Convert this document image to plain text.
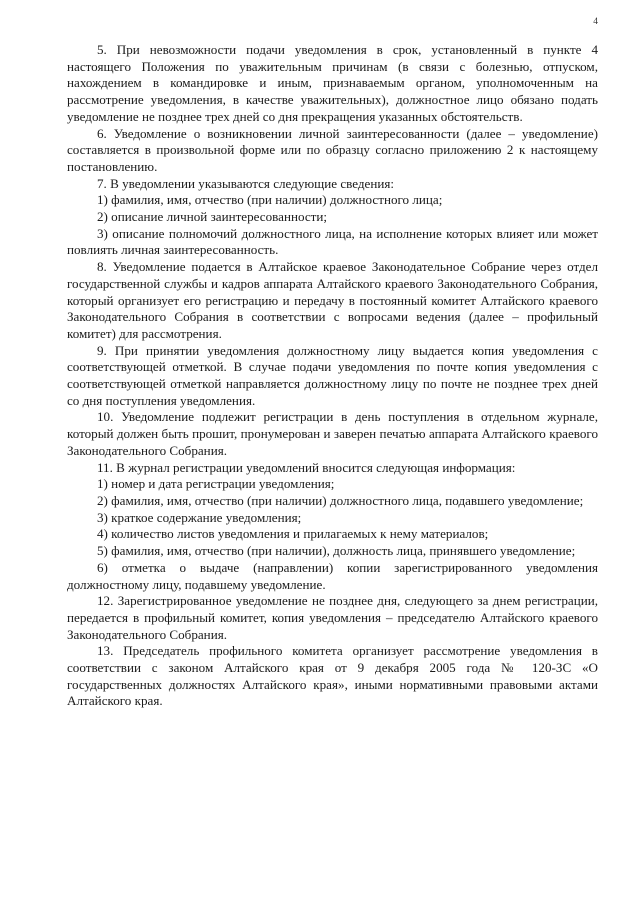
4

5. При невозможности подачи уведомления в срок, установленный в пункте 4 настоящего Положения по уважительным причинам (в связи с болезнью, отпуском, нахождением в командировке и иным, признаваемым органом, уполномоченным на рассмотрение уведомления, в качестве уважительных), должностное лицо обязано подать уведомление не позднее трех дней со дня прекращения указанных обстоятельств.

6. Уведомление о возникновении личной заинтересованности (далее – уведомление) составляется в произвольной форме или по образцу согласно приложению 2 к настоящему постановлению.

7. В уведомлении указываются следующие сведения:

1) фамилия, имя, отчество (при наличии) должностного лица;

2) описание личной заинтересованности;

3) описание полномочий должностного лица, на исполнение которых влияет или может повлиять личная заинтересованность.

8. Уведомление подается в Алтайское краевое Законодательное Собрание через отдел государственной службы и кадров аппарата Алтайского краевого Законодательного Собрания, который организует его регистрацию и передачу в постоянный комитет Алтайского краевого Законодательного Собрания в соответствии с вопросами ведения (далее – профильный комитет) для рассмотрения.

9. При принятии уведомления должностному лицу выдается копия уведомления с соответствующей отметкой. В случае подачи уведомления по почте копия уведомления с соответствующей отметкой направляется должностному лицу по почте не позднее трех дней со дня поступления уведомления.

10. Уведомление подлежит регистрации в день поступления в отдельном журнале, который должен быть прошит, пронумерован и заверен печатью аппарата Алтайского краевого Законодательного Собрания.

11. В журнал регистрации уведомлений вносится следующая информация:

1) номер и дата регистрации уведомления;

2) фамилия, имя, отчество (при наличии) должностного лица, подавшего уведомление;

3) краткое содержание уведомления;

4) количество листов уведомления и прилагаемых к нему материалов;

5) фамилия, имя, отчество (при наличии), должность лица, принявшего уведомление;

6) отметка о выдаче (направлении) копии зарегистрированного уведомления должностному лицу, подавшему уведомление.

12. Зарегистрированное уведомление не позднее дня, следующего за днем регистрации, передается в профильный комитет, копия уведомления – председателю Алтайского краевого Законодательного Собрания.

13. Председатель профильного комитета организует рассмотрение уведомления в соответствии с законом Алтайского края от 9 декабря 2005 года № 120-ЗС «О государственных должностях Алтайского края», иными нормативными правовыми актами Алтайского края.
